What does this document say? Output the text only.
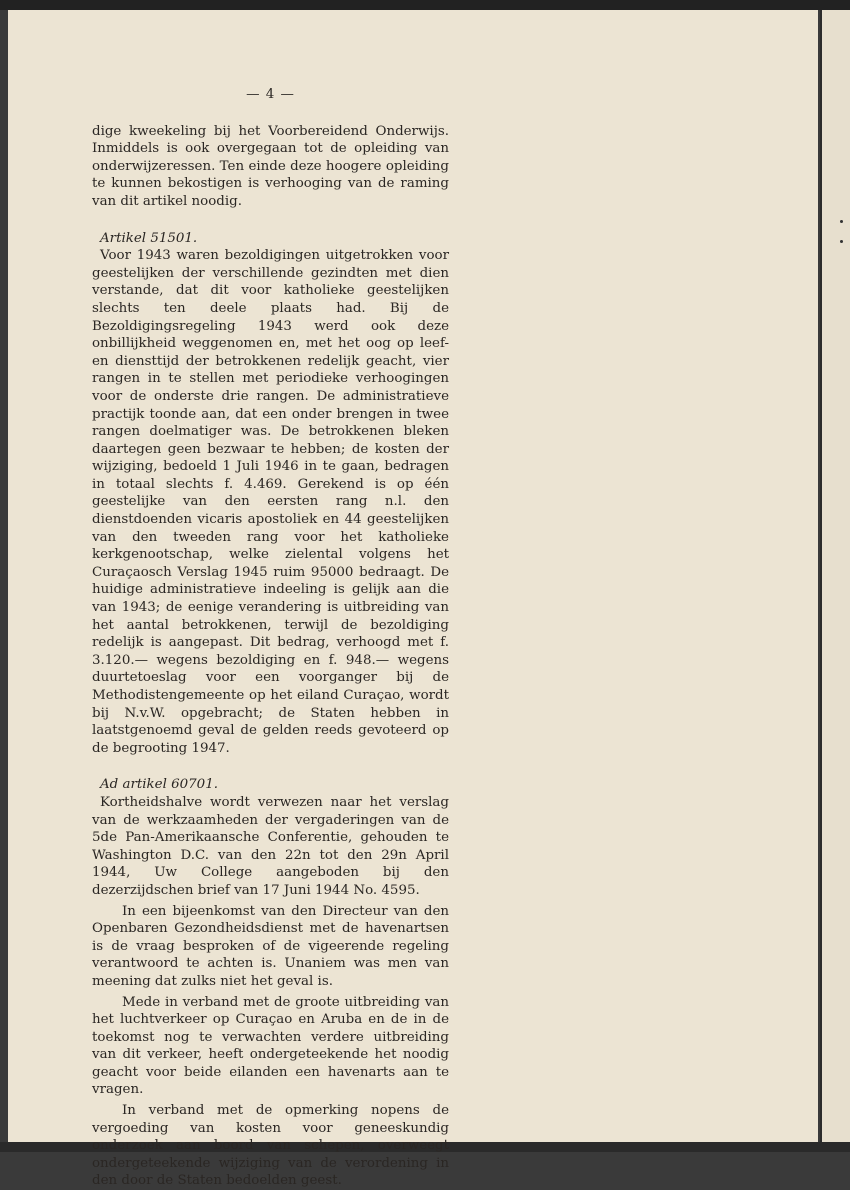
— 4 —

dige kweekeling bij het Voorbereidend Onderwijs. Inmiddels is ook overgegaan tot de opleiding van onderwijzeressen. Ten einde deze hoogere opleiding te kunnen bekostigen is verhooging van de raming van dit artikel noodig.

Artikel 51501.

Voor 1943 waren bezoldigingen uitgetrokken voor geestelijken der verschillende gezindten met dien verstande, dat dit voor katholieke geestelijken slechts ten deele plaats had. Bij de Bezoldigingsregeling 1943 werd ook deze onbillijkheid weggenomen en, met het oog op leef- en diensttijd der betrokkenen redelijk geacht, vier rangen in te stellen met periodieke verhoogingen voor de onderste drie rangen. De administratieve practijk toonde aan, dat een onder brengen in twee rangen doelmatiger was. De betrokkenen bleken daartegen geen bezwaar te hebben; de kosten der wijziging, bedoeld 1 Juli 1946 in te gaan, bedragen in totaal slechts f. 4.469. Gerekend is op één geestelijke van den eersten rang n.l. den dienstdoenden vicaris apostoliek en 44 geestelijken van den tweeden rang voor het katholieke kerkgenootschap, welke zielental volgens het Curaçaosch Verslag 1945 ruim 95000 bedraagt. De huidige administratieve indeeling is gelijk aan die van 1943; de eenige verandering is uitbreiding van het aantal betrokkenen, terwijl de bezoldiging redelijk is aangepast. Dit bedrag, verhoogd met f. 3.120.— wegens bezoldiging en f. 948.— wegens duurtetoeslag voor een voorganger bij de Methodistengemeente op het eiland Curaçao, wordt bij N.v.W. opgebracht; de Staten hebben in laatstgenoemd geval de gelden reeds gevoteerd op de begrooting 1947.

Ad artikel 60701.

Kortheidshalve wordt verwezen naar het verslag van de werkzaamheden der vergaderingen van de 5de Pan-Amerikaansche Conferentie, gehouden te Washington D.C. van den 22n tot den 29n April 1944, Uw College aangeboden bij den dezerzijdschen brief van 17 Juni 1944 No. 4595.

In een bijeenkomst van den Directeur van den Openbaren Gezondheidsdienst met de havenartsen is de vraag besproken of de vigeerende regeling verantwoord te achten is. Unaniem was men van meening dat zulks niet het geval is.

Mede in verband met de groote uitbreiding van het luchtverkeer op Curaçao en Aruba en de in de toekomst nog te verwachten verdere uitbreiding van dit verkeer, heeft ondergeteekende het noodig geacht voor beide eilanden een havenarts aan te vragen.

In verband met de opmerking nopens de vergoeding van kosten voor geneeskundig onderzoek aan boord van schepen, overweegt ondergeteekende wijziging van de verordening in den door de Staten bedoelden geest.
